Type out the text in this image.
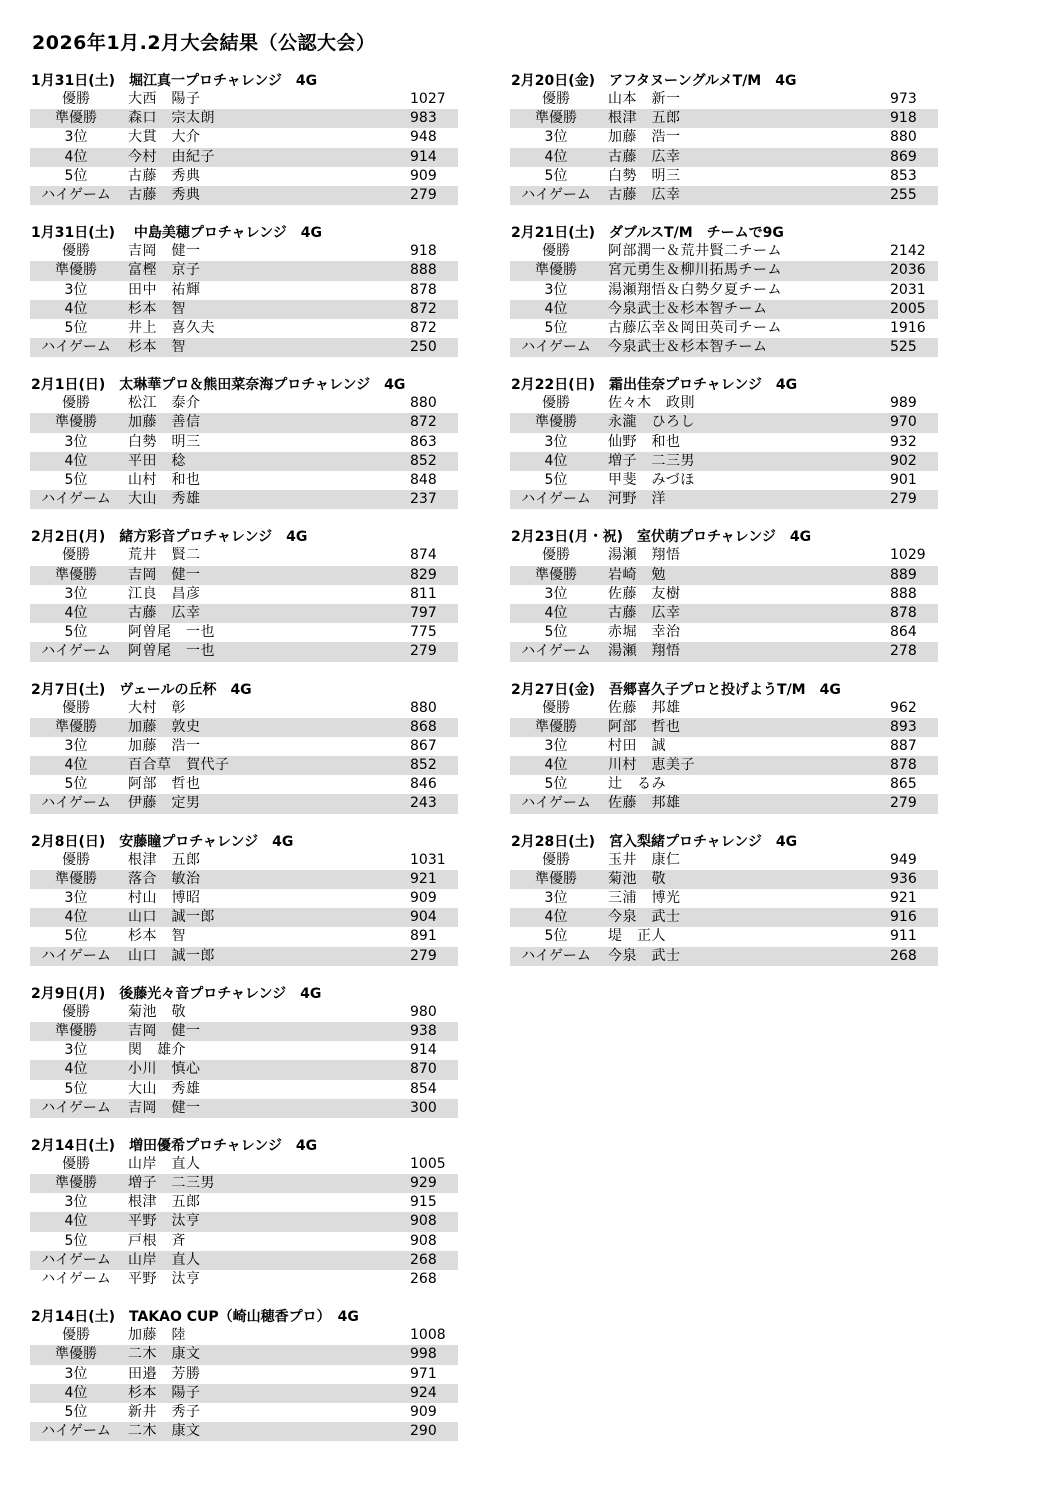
2026年1月.2月大会結果（公認大会）
1月31日(土)　堀江真一プロチャレンジ　4G
優勝	大西　陽子	1027
準優勝	森口　宗太朗	983
3位	大貫　大介	948
4位	今村　由紀子	914
5位	古藤　秀典	909
ハイゲーム	古藤　秀典	279
1月31日(土)　 中島美穂プロチャレンジ　4G
優勝	吉岡　健一	918
準優勝	富樫　京子	888
3位	田中　祐輝	878
4位	杉本　智	872
5位	井上　喜久夫	872
ハイゲーム	杉本　智	250
2月1日(日)　太琳華プロ＆熊田菜奈海プロチャレンジ　4G
優勝	松江　泰介	880
準優勝	加藤　善信	872
3位	白勢　明三	863
4位	平田　稔	852
5位	山村　和也	848
ハイゲーム	大山　秀雄	237
2月2日(月)　緒方彩音プロチャレンジ　4G
優勝	荒井　賢二	874
準優勝	吉岡　健一	829
3位	江良　昌彦	811
4位	古藤　広幸	797
5位	阿曽尾　一也	775
ハイゲーム	阿曽尾　一也	279
2月7日(土)　ヴェールの丘杯　4G
優勝	大村　彰	880
準優勝	加藤　敦史	868
3位	加藤　浩一	867
4位	百合草　賀代子	852
5位	阿部　哲也	846
ハイゲーム	伊藤　定男	243
2月8日(日)　安藤瞳プロチャレンジ　4G
優勝	根津　五郎	1031
準優勝	落合　敏治	921
3位	村山　博昭	909
4位	山口　誠一郎	904
5位	杉本　智	891
ハイゲーム	山口　誠一郎	279
2月9日(月)　後藤光々音プロチャレンジ　4G
優勝	菊池　敬	980
準優勝	吉岡　健一	938
3位	関　雄介	914
4位	小川　慎心	870
5位	大山　秀雄	854
ハイゲーム	吉岡　健一	300
2月14日(土)　増田優希プロチャレンジ　4G
優勝	山岸　直人	1005
準優勝	増子　二三男	929
3位	根津　五郎	915
4位	平野　汰亨	908
5位	戸根　斉	908
ハイゲーム	山岸　直人	268
ハイゲーム	平野　汰亨	268
2月14日(土)　TAKAO CUP（崎山穂香プロ）　4G
優勝	加藤　陸	1008
準優勝	二木　康文	998
3位	田邉　芳勝	971
4位	杉本　陽子	924
5位	新井　秀子	909
ハイゲーム	二木　康文	290
2月20日(金)　アフタヌーングルメT/M　4G
優勝	山本　新一	973
準優勝	根津　五郎	918
3位	加藤　浩一	880
4位	古藤　広幸	869
5位	白勢　明三	853
ハイゲーム	古藤　広幸	255
2月21日(土)　ダブルスT/M　チームで9G
優勝	阿部潤一＆荒井賢二チーム	2142
準優勝	宮元勇生＆柳川拓馬チーム	2036
3位	湯瀬翔悟＆白勢夕夏チーム	2031
4位	今泉武士＆杉本智チーム	2005
5位	古藤広幸＆岡田英司チーム	1916
ハイゲーム	今泉武士＆杉本智チーム	525
2月22日(日)　霜出佳奈プロチャレンジ　4G
優勝	佐々木　政則	989
準優勝	永瀧　ひろし	970
3位	仙野　和也	932
4位	増子　二三男	902
5位	甲斐　みづほ	901
ハイゲーム	河野　洋	279
2月23日(月・祝)　室伏萌プロチャレンジ　4G
優勝	湯瀬　翔悟	1029
準優勝	岩崎　勉	889
3位	佐藤　友樹	888
4位	古藤　広幸	878
5位	赤堀　幸治	864
ハイゲーム	湯瀬　翔悟	278
2月27日(金)　吾郷喜久子プロと投げようT/M　4G
優勝	佐藤　邦雄	962
準優勝	阿部　哲也	893
3位	村田　誠	887
4位	川村　恵美子	878
5位	辻　るみ	865
ハイゲーム	佐藤　邦雄	279
2月28日(土)　宮入梨緒プロチャレンジ　4G
優勝	玉井　康仁	949
準優勝	菊池　敬	936
3位	三浦　博光	921
4位	今泉　武士	916
5位	堤　正人	911
ハイゲーム	今泉　武士	268
